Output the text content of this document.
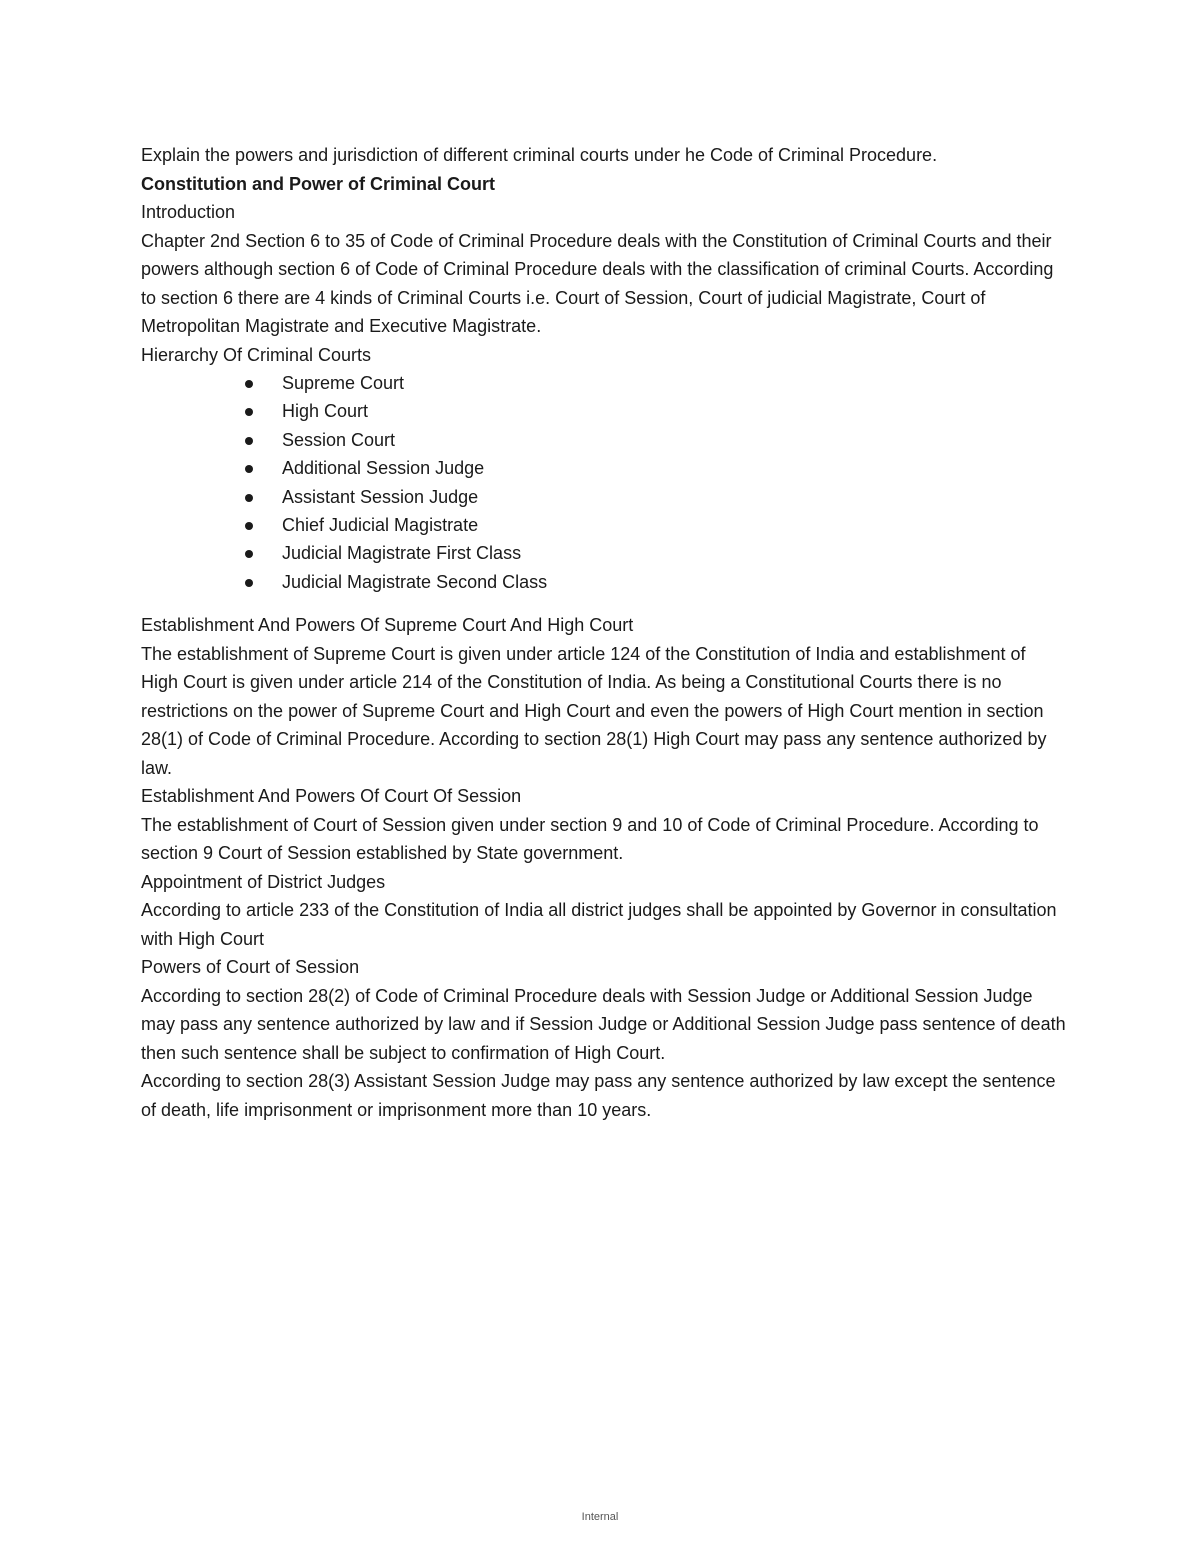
Explain the powers and jurisdiction of different criminal courts under he Code of Criminal Procedure.

Constitution and Power of Criminal Court

Introduction

Chapter 2nd Section 6 to 35 of Code of Criminal Procedure deals with the Constitution of Criminal Courts and their powers although section 6 of Code of Criminal Procedure deals with the classification of criminal Courts. According to section 6 there are 4 kinds of Criminal Courts i.e. Court of Session, Court of judicial Magistrate, Court of Metropolitan Magistrate and Executive Magistrate.

Hierarchy Of Criminal Courts

Supreme Court
High Court
Session Court
Additional Session Judge
Assistant Session Judge
Chief Judicial Magistrate
Judicial Magistrate First Class
Judicial Magistrate Second Class

Establishment And Powers Of Supreme Court And High Court

The establishment of Supreme Court is given under article 124 of the Constitution of India and establishment of High Court is given under article 214 of the Constitution of India. As being a Constitutional Courts there is no restrictions on the power of Supreme Court and High Court and even the powers of High Court mention in section 28(1) of Code of Criminal Procedure. According to section 28(1) High Court may pass any sentence authorized by law.

Establishment And Powers Of Court Of Session

The establishment of Court of Session given under section 9 and 10 of Code of Criminal Procedure. According to section 9 Court of Session established by State government.

Appointment of District Judges

According to article 233 of the Constitution of India all district judges shall be appointed by Governor in consultation with High Court

Powers of Court of Session

According to section 28(2) of Code of Criminal Procedure deals with Session Judge or Additional Session Judge may pass any sentence authorized by law and if Session Judge or Additional Session Judge pass sentence of death then such sentence shall be subject to confirmation of High Court.

According to section 28(3) Assistant Session Judge may pass any sentence authorized by law except the sentence of death, life imprisonment or imprisonment more than 10 years.

Internal
